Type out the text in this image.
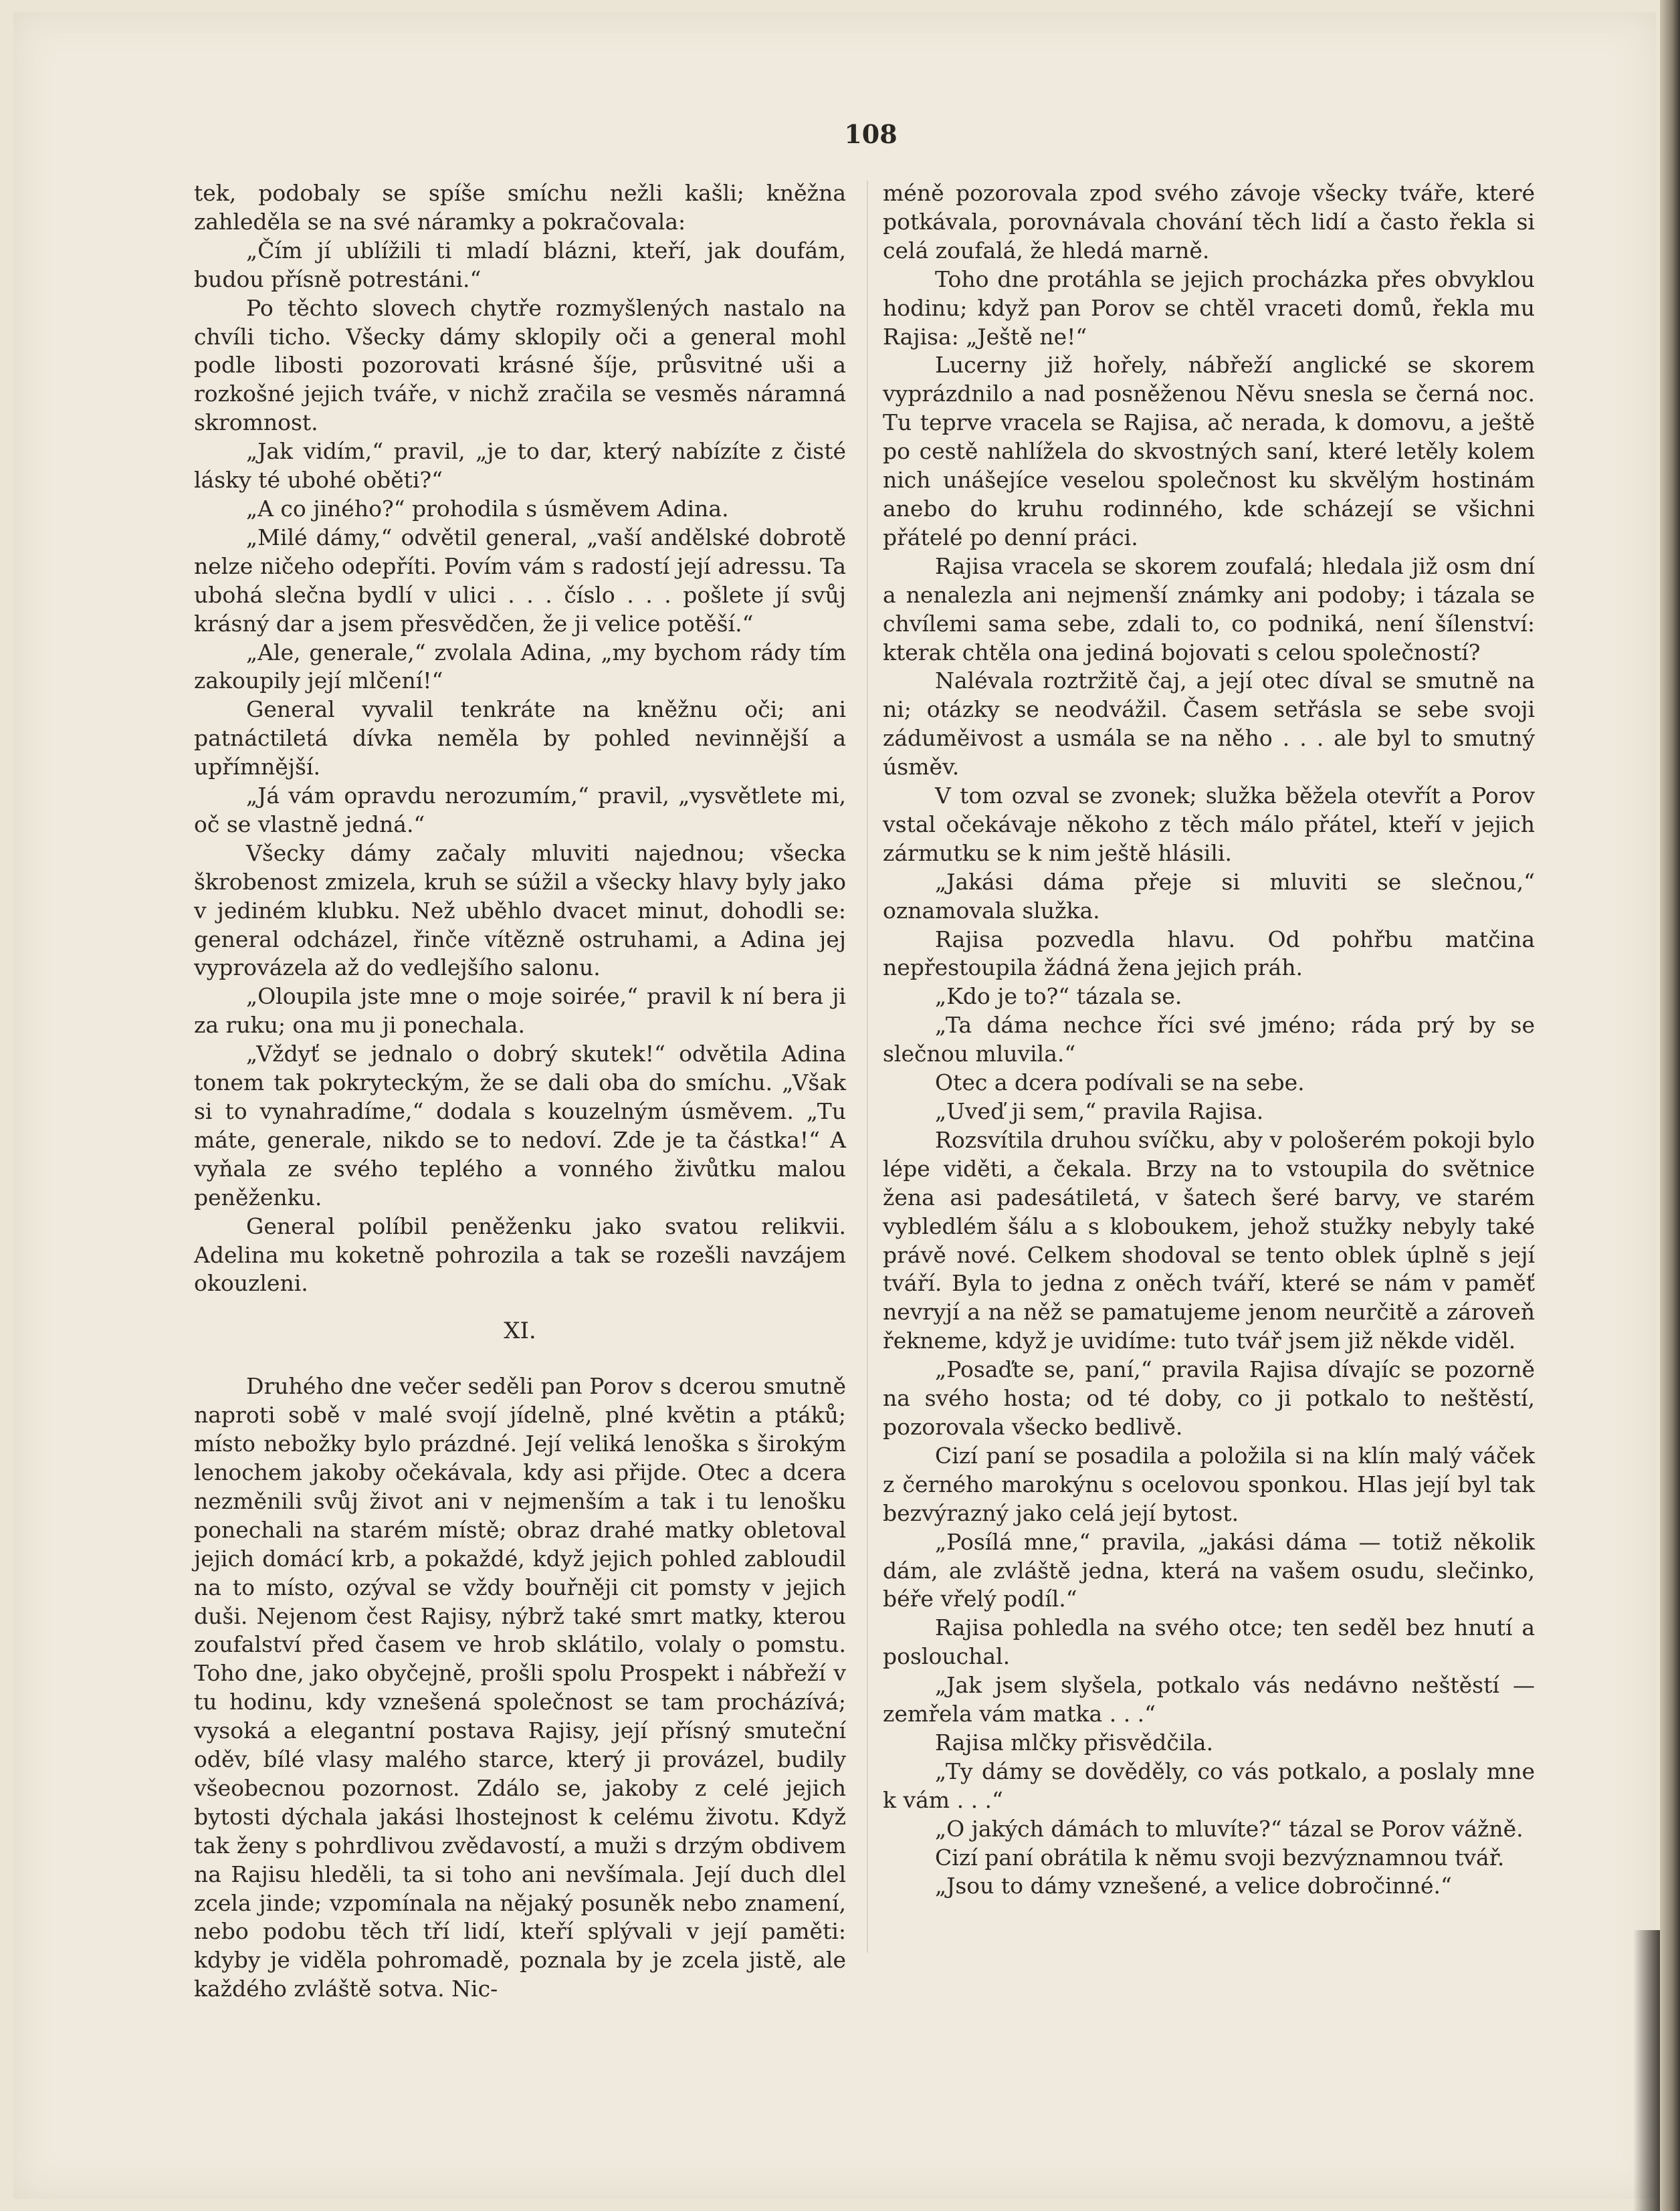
108

tek, podobaly se spíše smíchu nežli kašli; kněžna zahleděla se na své náramky a pokračovala:

„Čím jí ublížili ti mladí blázni, kteří, jak doufám, budou přísně potrestáni.“

Po těchto slovech chytře rozmyšlených nastalo na chvíli ticho. Všecky dámy sklopily oči a general mohl podle libosti pozorovati krásné šíje, průsvitné uši a rozkošné jejich tváře, v nichž zračila se vesměs náramná skromnost.

„Jak vidím,“ pravil, „je to dar, který nabízíte z čisté lásky té ubohé oběti?“

„A co jiného?“ prohodila s úsměvem Adina.

„Milé dámy,“ odvětil general, „vaší andělské dobrotě nelze ničeho odepříti. Povím vám s radostí její adressu. Ta ubohá slečna bydlí v ulici . . . číslo . . . pošlete jí svůj krásný dar a jsem přesvědčen, že ji velice potěší.“

„Ale, generale,“ zvolala Adina, „my bychom rády tím zakoupily její mlčení!“

General vyvalil tenkráte na kněžnu oči; ani patnáctiletá dívka neměla by pohled nevinnější a upřímnější.

„Já vám opravdu nerozumím,“ pravil, „vysvětlete mi, oč se vlastně jedná.“

Všecky dámy začaly mluviti najednou; všecka škrobenost zmizela, kruh se súžil a všecky hlavy byly jako v jediném klubku. Než uběhlo dvacet minut, dohodli se: general odcházel, řinče vítězně ostruhami, a Adina jej vyprovázela až do vedlejšího salonu.

„Oloupila jste mne o moje soirée,“ pravil k ní bera ji za ruku; ona mu ji ponechala.

„Vždyť se jednalo o dobrý skutek!“ odvětila Adina tonem tak pokryteckým, že se dali oba do smíchu. „Však si to vynahradíme,“ dodala s kouzelným úsměvem. „Tu máte, generale, nikdo se to nedoví. Zde je ta částka!“ A vyňala ze svého teplého a vonného živůtku malou peněženku.

General políbil peněženku jako svatou relikvii. Adelina mu koketně pohrozila a tak se rozešli navzájem okouzleni.

XI.

Druhého dne večer seděli pan Porov s dcerou smutně naproti sobě v malé svojí jídelně, plné květin a ptáků; místo nebožky bylo prázdné. Její veliká lenoška s širokým lenochem jakoby očekávala, kdy asi přijde. Otec a dcera nezměnili svůj život ani v nejmenším a tak i tu lenošku ponechali na starém místě; obraz drahé matky obletoval jejich domácí krb, a pokaždé, když jejich pohled zabloudil na to místo, ozýval se vždy bouřněji cit pomsty v jejich duši. Nejenom čest Rajisy, nýbrž také smrt matky, kterou zoufalství před časem ve hrob sklátilo, volaly o pomstu. Toho dne, jako obyčejně, prošli spolu Prospekt i nábřeží v tu hodinu, kdy vznešená společnost se tam procházívá; vysoká a elegantní postava Rajisy, její přísný smuteční oděv, bílé vlasy malého starce, který ji provázel, budily všeobecnou pozornost. Zdálo se, jakoby z celé jejich bytosti dýchala jakási lhostejnost k celému životu. Když tak ženy s pohrdlivou zvědavostí, a muži s drzým obdivem na Rajisu hleděli, ta si toho ani nevšímala. Její duch dlel zcela jinde; vzpomínala na nějaký posuněk nebo znamení, nebo podobu těch tří lidí, kteří splývali v její paměti: kdyby je viděla pohromadě, poznala by je zcela jistě, ale každého zvláště sotva. Nic-

méně pozorovala zpod svého závoje všecky tváře, které potkávala, porovnávala chování těch lidí a často řekla si celá zoufalá, že hledá marně.

Toho dne protáhla se jejich procházka přes obvyklou hodinu; když pan Porov se chtěl vraceti domů, řekla mu Rajisa: „Ještě ne!“

Lucerny již hořely, nábřeží anglické se skorem vyprázdnilo a nad posněženou Něvu snesla se černá noc. Tu teprve vracela se Rajisa, ač nerada, k domovu, a ještě po cestě nahlížela do skvostných saní, které letěly kolem nich unášejíce veselou společnost ku skvělým hostinám anebo do kruhu rodinného, kde scházejí se všichni přátelé po denní práci.

Rajisa vracela se skorem zoufalá; hledala již osm dní a nenalezla ani nejmenší známky ani podoby; i tázala se chvílemi sama sebe, zdali to, co podniká, není šílenství: kterak chtěla ona jediná bojovati s celou společností?

Nalévala roztržitě čaj, a její otec díval se smutně na ni; otázky se neodvážil. Časem setřásla se sebe svoji záduměivost a usmála se na něho . . . ale byl to smutný úsměv.

V tom ozval se zvonek; služka běžela otevřít a Porov vstal očekávaje někoho z těch málo přátel, kteří v jejich zármutku se k nim ještě hlásili.

„Jakási dáma přeje si mluviti se slečnou,“ oznamovala služka.

Rajisa pozvedla hlavu. Od pohřbu matčina nepřestoupila žádná žena jejich práh.

„Kdo je to?“ tázala se.

„Ta dáma nechce říci své jméno; ráda prý by se slečnou mluvila.“

Otec a dcera podívali se na sebe.

„Uveď ji sem,“ pravila Rajisa.

Rozsvítila druhou svíčku, aby v pološerém pokoji bylo lépe viděti, a čekala. Brzy na to vstoupila do světnice žena asi padesátiletá, v šatech šeré barvy, ve starém vybledlém šálu a s kloboukem, jehož stužky nebyly také právě nové. Celkem shodoval se tento oblek úplně s její tváří. Byla to jedna z oněch tváří, které se nám v paměť nevryjí a na něž se pamatujeme jenom neurčitě a zároveň řekneme, když je uvidíme: tuto tvář jsem již někde viděl.

„Posaďte se, paní,“ pravila Rajisa dívajíc se pozorně na svého hosta; od té doby, co ji potkalo to neštěstí, pozorovala všecko bedlivě.

Cizí paní se posadila a položila si na klín malý váček z černého marokýnu s ocelovou sponkou. Hlas její byl tak bezvýrazný jako celá její bytost.

„Posílá mne,“ pravila, „jakási dáma — totiž několik dám, ale zvláště jedna, která na vašem osudu, slečinko, béře vřelý podíl.“

Rajisa pohledla na svého otce; ten seděl bez hnutí a poslouchal.

„Jak jsem slyšela, potkalo vás nedávno neštěstí — zemřela vám matka . . .“

Rajisa mlčky přisvědčila.

„Ty dámy se dověděly, co vás potkalo, a poslaly mne k vám . . .“

„O jakých dámách to mluvíte?“ tázal se Porov vážně.

Cizí paní obrátila k němu svoji bezvýznamnou tvář.

„Jsou to dámy vznešené, a velice dobročinné.“
